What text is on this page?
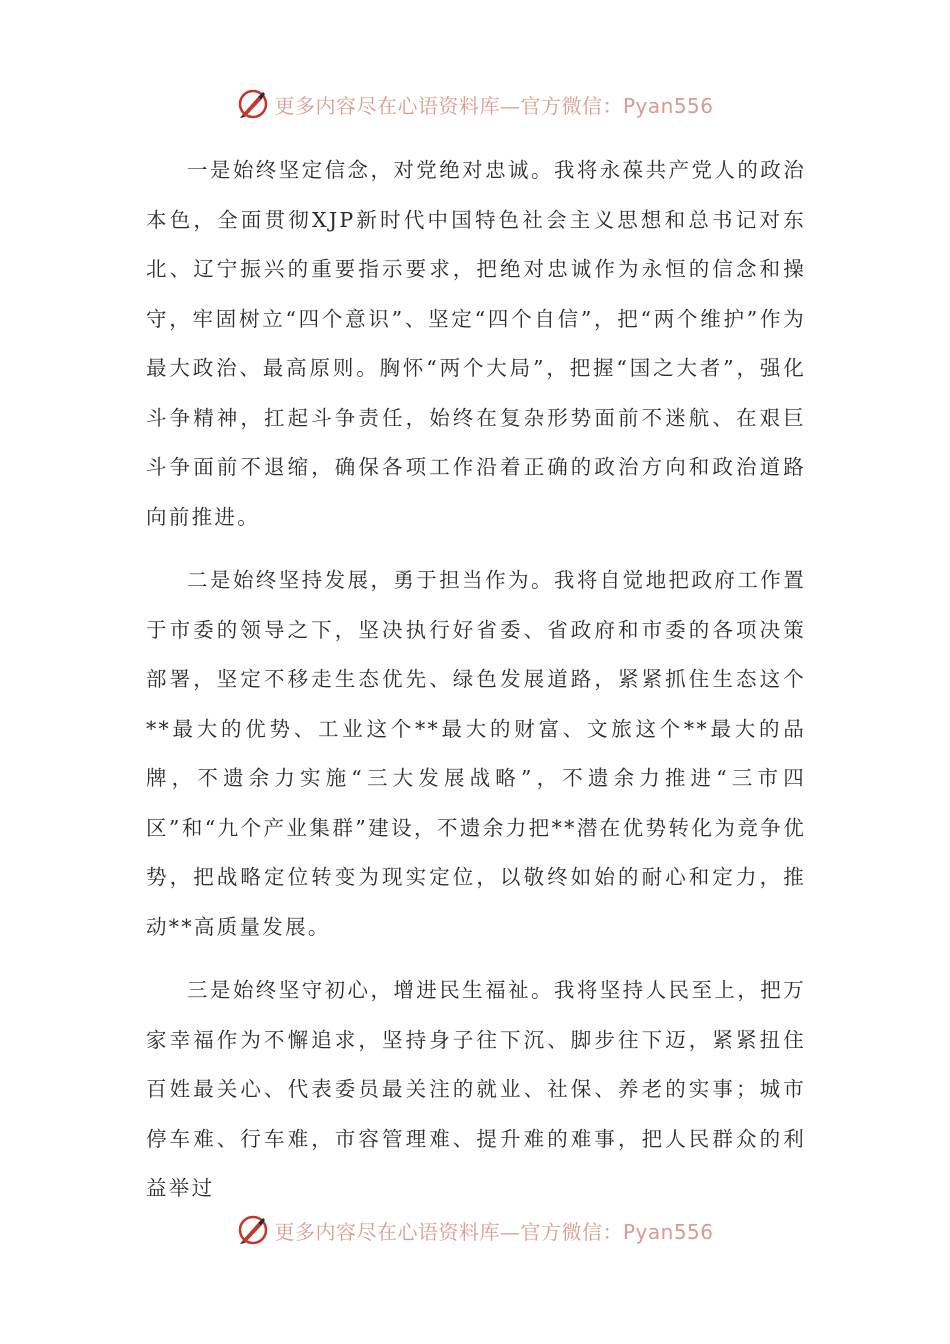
更多内容尽在心语资料库—官方微信：Pyan556

一是始终坚定信念，对党绝对忠诚。我将永葆共产党人的政治本色，全面贯彻XJP新时代中国特色社会主义思想和总书记对东北、辽宁振兴的重要指示要求，把绝对忠诚作为永恒的信念和操守，牢固树立“四个意识”、坚定“四个自信”，把“两个维护”作为最大政治、最高原则。胸怀“两个大局”，把握“国之大者”，强化斗争精神，扛起斗争责任，始终在复杂形势面前不迷航、在艰巨斗争面前不退缩，确保各项工作沿着正确的政治方向和政治道路向前推进。

二是始终坚持发展，勇于担当作为。我将自觉地把政府工作置于市委的领导之下，坚决执行好省委、省政府和市委的各项决策部署，坚定不移走生态优先、绿色发展道路，紧紧抓住生态这个**最大的优势、工业这个**最大的财富、文旅这个**最大的品牌，不遗余力实施“三大发展战略”，不遗余力推进“三市四区”和“九个产业集群”建设，不遗余力把**潜在优势转化为竞争优势，把战略定位转变为现实定位，以敬终如始的耐心和定力，推动**高质量发展。

三是始终坚守初心，增进民生福祉。我将坚持人民至上，把万家幸福作为不懈追求，坚持身子往下沉、脚步往下迈，紧紧扭住百姓最关心、代表委员最关注的就业、社保、养老的实事；城市停车难、行车难，市容管理难、提升难的难事，把人民群众的利益举过

更多内容尽在心语资料库—官方微信：Pyan556
